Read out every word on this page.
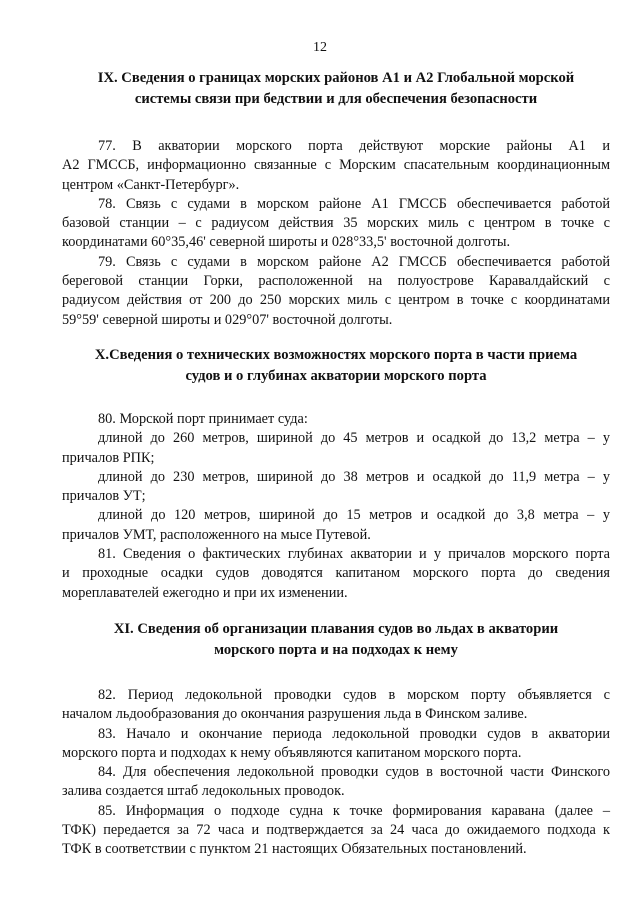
12
IX. Сведения о границах морских районов А1 и А2 Глобальной морской
системы связи при бедствии и для обеспечения безопасности
77. В акватории морского порта действуют морские районы А1 и
А2 ГМССБ, информационно связанные с Морским спасательным координационным
центром «Санкт-Петербург».
78. Связь с судами в морском районе А1 ГМССБ обеспечивается работой
базовой станции – с радиусом действия 35 морских миль с центром в точке с
координатами 60°35,46' северной широты и 028°33,5' восточной долготы.
79. Связь с судами в морском районе А2 ГМССБ обеспечивается работой
береговой станции Горки, расположенной на полуострове Каравалдайский с
радиусом действия от 200 до 250 морских миль с центром в точке с координатами
59°59' северной широты и 029°07' восточной долготы.
X.Сведения о технических возможностях морского порта в части приема
судов и о глубинах акватории морского порта
80. Морской порт принимает суда:
длиной до 260 метров, шириной до 45 метров и осадкой до 13,2 метра – у
причалов РПК;
длиной до 230 метров, шириной до 38 метров и осадкой до 11,9 метра – у
причалов УТ;
длиной до 120 метров, шириной до 15 метров и осадкой до 3,8 метра – у
причалов УМТ, расположенного на мысе Путевой.
81. Сведения о фактических глубинах акватории и у причалов морского порта
и проходные осадки судов доводятся капитаном морского порта до сведения
мореплавателей ежегодно и при их изменении.
XI. Сведения об организации плавания судов во льдах в акватории
морского порта и на подходах к нему
82. Период ледокольной проводки судов в морском порту объявляется с
началом льдообразования до окончания разрушения льда в Финском заливе.
83. Начало и окончание периода ледокольной проводки судов в акватории
морского порта и подходах к нему объявляются капитаном морского порта.
84. Для обеспечения ледокольной проводки судов в восточной части Финского
залива создается штаб ледокольных проводок.
85. Информация о подходе судна к точке формирования каравана (далее –
ТФК) передается за 72 часа и подтверждается за 24 часа до ожидаемого подхода к
ТФК в соответствии с пунктом 21 настоящих Обязательных постановлений.
